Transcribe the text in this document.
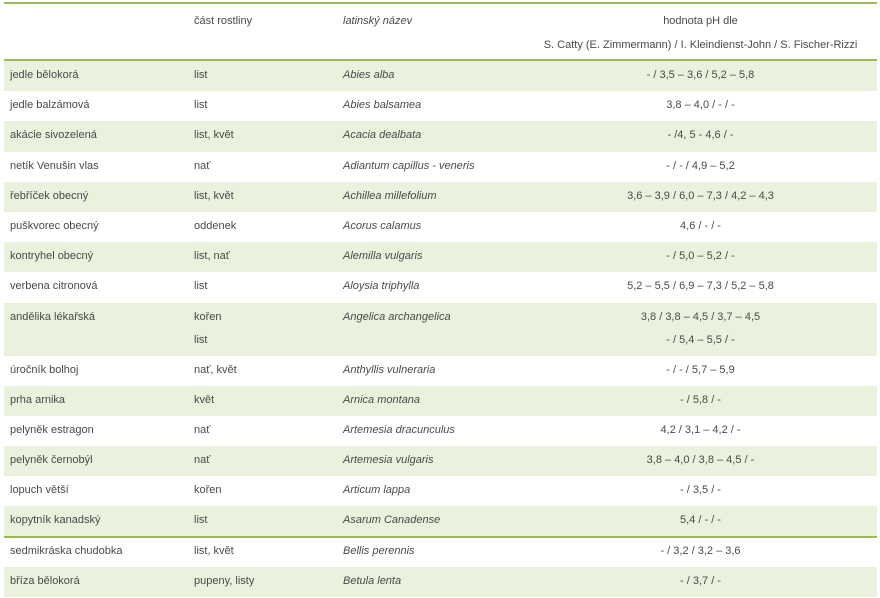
část rostliny	latinský název	hodnota pH dle
S. Catty (E. Zimmermann) / I. Kleindienst-John / S. Fischer-Rizzi
jedle bělokorá	list	Abies alba	- / 3,5 – 3,6 / 5,2 – 5,8
jedle balzámová	list	Abies balsamea	3,8 – 4,0 / - / -
akácie sivozelená	list, květ	Acacia dealbata	- /4, 5 - 4,6 / -
netík Venušin vlas	nať	Adiantum capillus - veneris	- / - / 4,9 – 5,2
řebříček obecný	list, květ	Achillea millefolium	3,6 – 3,9 / 6,0 – 7,3 / 4,2 – 4,3
puškvorec obecný	oddenek	Acorus calamus	4,6 / - / -
kontryhel obecný	list, nať	Alemilla vulgaris	- / 5,0 – 5,2 / -
verbena citronová	list	Aloysia triphylla	5,2 – 5,5 / 6,9 – 7,3 / 5,2 – 5,8
andělika lékařská	kořen	Angelica archangelica	3,8 / 3,8 – 4,5 / 3,7 – 4,5
list	- / 5,4 – 5,5 / -
úročník bolhoj	nať, květ	Anthyllis vulneraria	- / - / 5,7 – 5,9
prha arnika	květ	Arnica montana	- / 5,8 / -
pelyněk estragon	nať	Artemesia dracunculus	4,2 / 3,1 – 4,2 / -
pelyněk černobýl	nať	Artemesia vulgaris	3,8 – 4,0 / 3,8 – 4,5 / -
lopuch větší	kořen	Articum lappa	- / 3,5 / -
kopytník kanadský	list	Asarum Canadense	5,4 / - / -
sedmikráska chudobka	list, květ	Bellis perennis	- / 3,2 / 3,2 – 3,6
bříza bělokorá	pupeny, listy	Betula lenta	- / 3,7 / -
